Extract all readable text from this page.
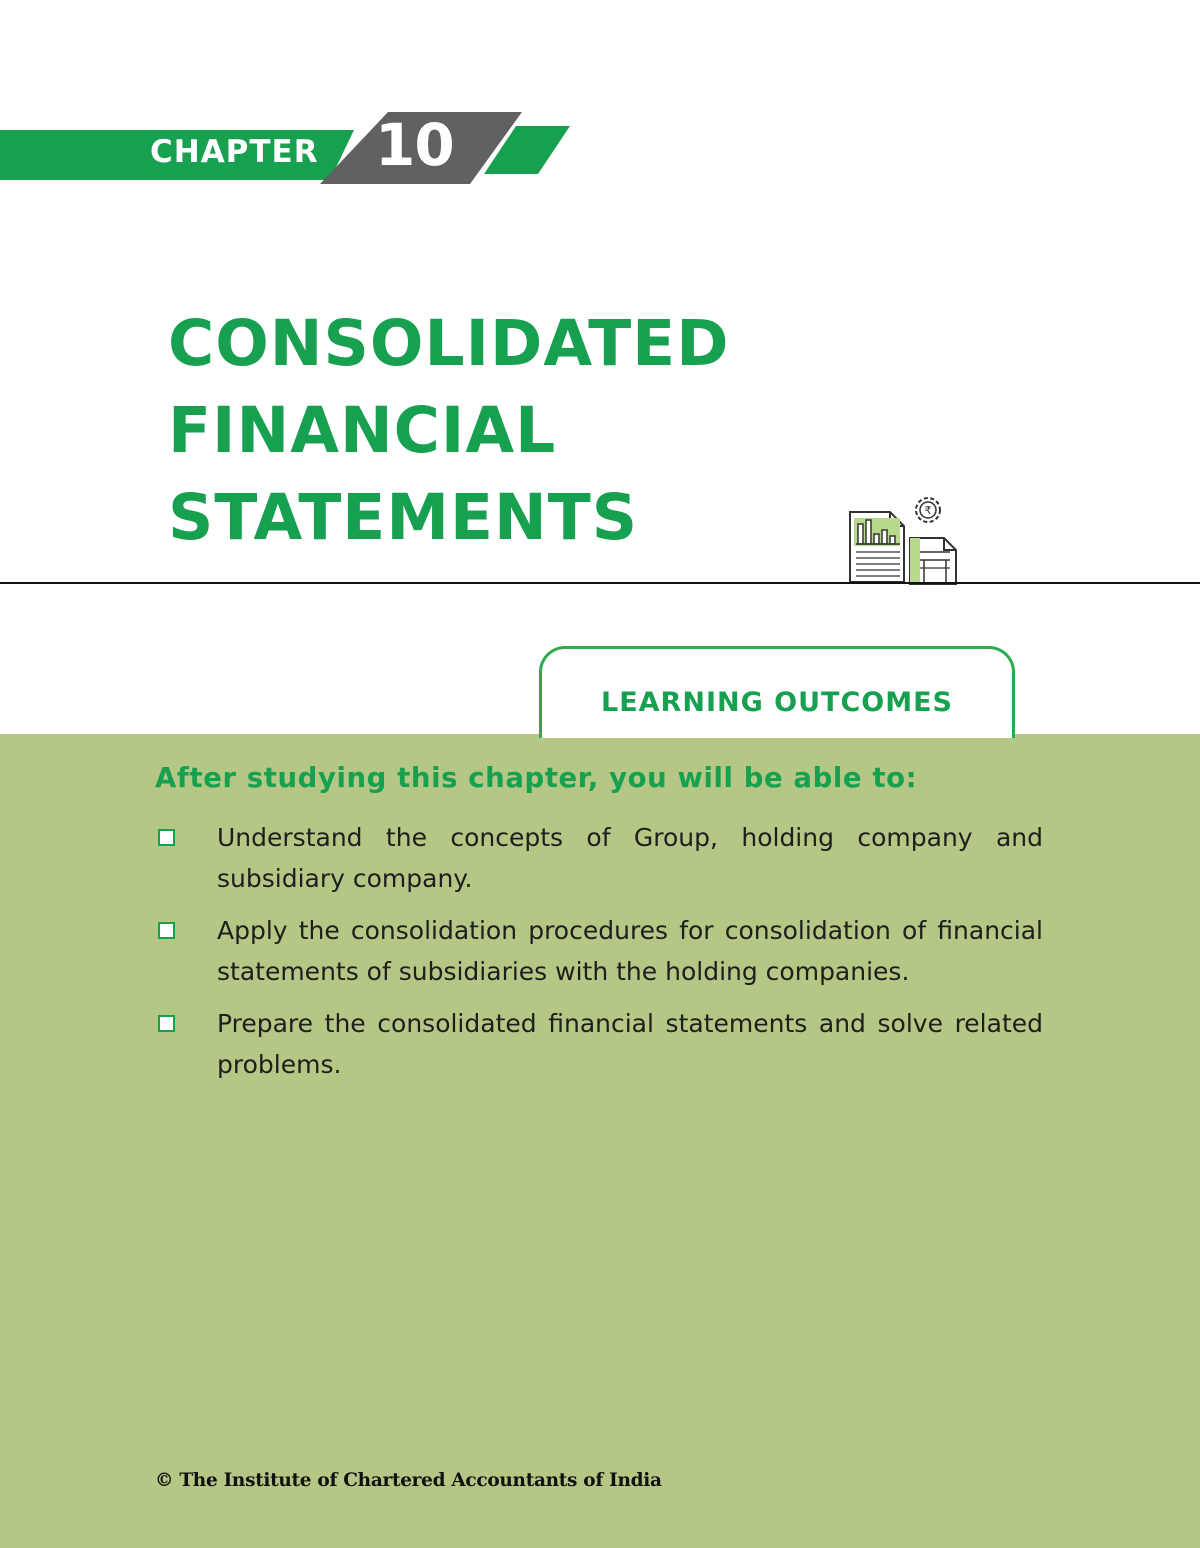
CHAPTER 10
CONSOLIDATED
FINANCIAL
STATEMENTS	₹
LEARNING OUTCOMES
After studying this chapter, you will be able to:
Understand the concepts of Group, holding company and subsidiary company.
Apply the consolidation procedures for consolidation of financial statements of subsidiaries with the holding companies.
Prepare the consolidated financial statements and solve related problems.
© The Institute of Chartered Accountants of India
